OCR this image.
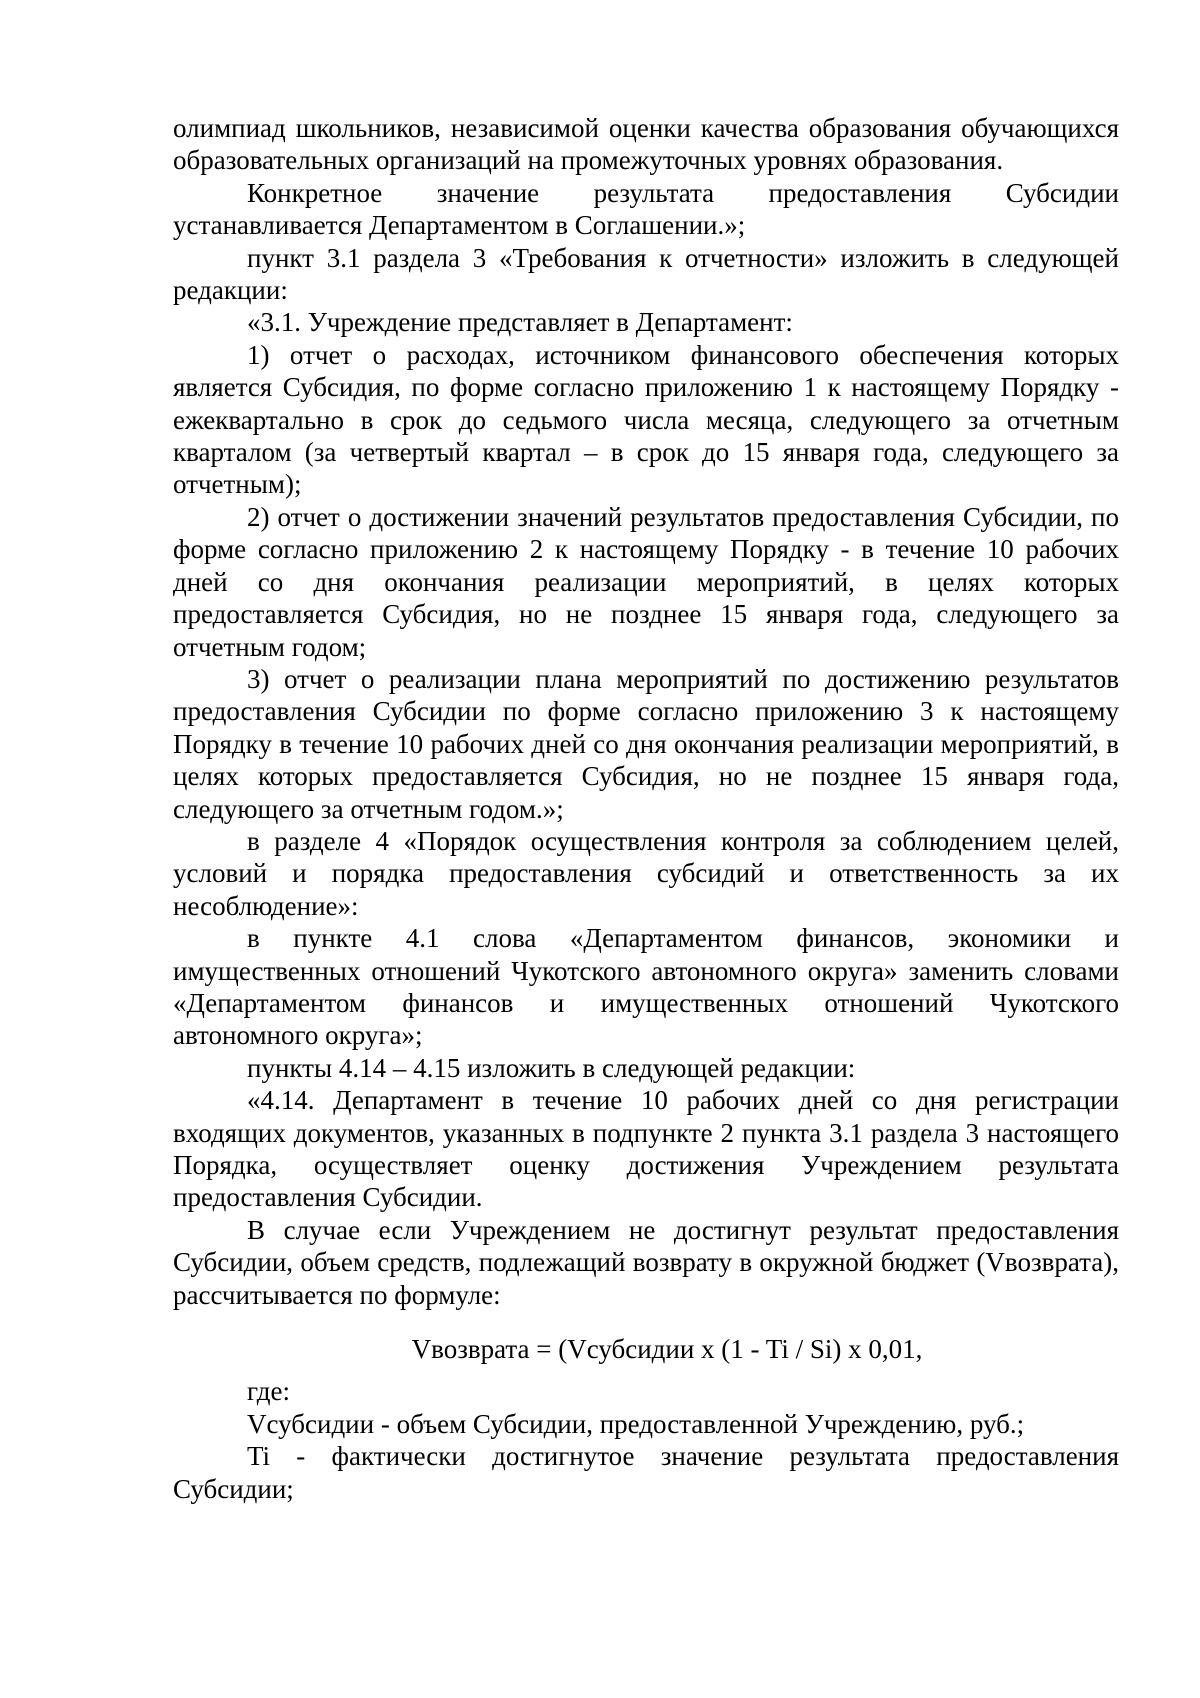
олимпиад школьников, независимой оценки качества образования обучающихся образовательных организаций на промежуточных уровнях образования.

Конкретное значение результата предоставления Субсидии устанавливается Департаментом в Соглашении.»;

пункт 3.1 раздела 3 «Требования к отчетности» изложить в следующей редакции:

«3.1. Учреждение представляет в Департамент:

1) отчет о расходах, источником финансового обеспечения которых является Субсидия, по форме согласно приложению 1 к настоящему Порядку - ежеквартально в срок до седьмого числа месяца, следующего за отчетным кварталом (за четвертый квартал – в срок до 15 января года, следующего за отчетным);

2) отчет о достижении значений результатов предоставления Субсидии, по форме согласно приложению 2 к настоящему Порядку - в течение 10 рабочих дней со дня окончания реализации мероприятий, в целях которых предоставляется Субсидия, но не позднее 15 января года, следующего за отчетным годом;

3) отчет о реализации плана мероприятий по достижению результатов предоставления Субсидии по форме согласно приложению 3 к настоящему Порядку в течение 10 рабочих дней со дня окончания реализации мероприятий, в целях которых предоставляется Субсидия, но не позднее 15 января года, следующего за отчетным годом.»;

в разделе 4 «Порядок осуществления контроля за соблюдением целей, условий и порядка предоставления субсидий и ответственность за их несоблюдение»:

в пункте 4.1 слова «Департаментом финансов, экономики и имущественных отношений Чукотского автономного округа» заменить словами «Департаментом финансов и имущественных отношений Чукотского автономного округа»;

пункты 4.14 – 4.15 изложить в следующей редакции:

«4.14. Департамент в течение 10 рабочих дней со дня регистрации входящих документов, указанных в подпункте 2 пункта 3.1 раздела 3 настоящего Порядка, осуществляет оценку достижения Учреждением результата предоставления Субсидии.

В случае если Учреждением не достигнут результат предоставления Субсидии, объем средств, подлежащий возврату в окружной бюджет (Vвозврата), рассчитывается по формуле:

Vвозврата = (Vсубсидии x (1 - Ti / Si) x 0,01,

где:

Vсубсидии - объем Субсидии, предоставленной Учреждению, руб.;

Ti - фактически достигнутое значение результата предоставления Субсидии;
